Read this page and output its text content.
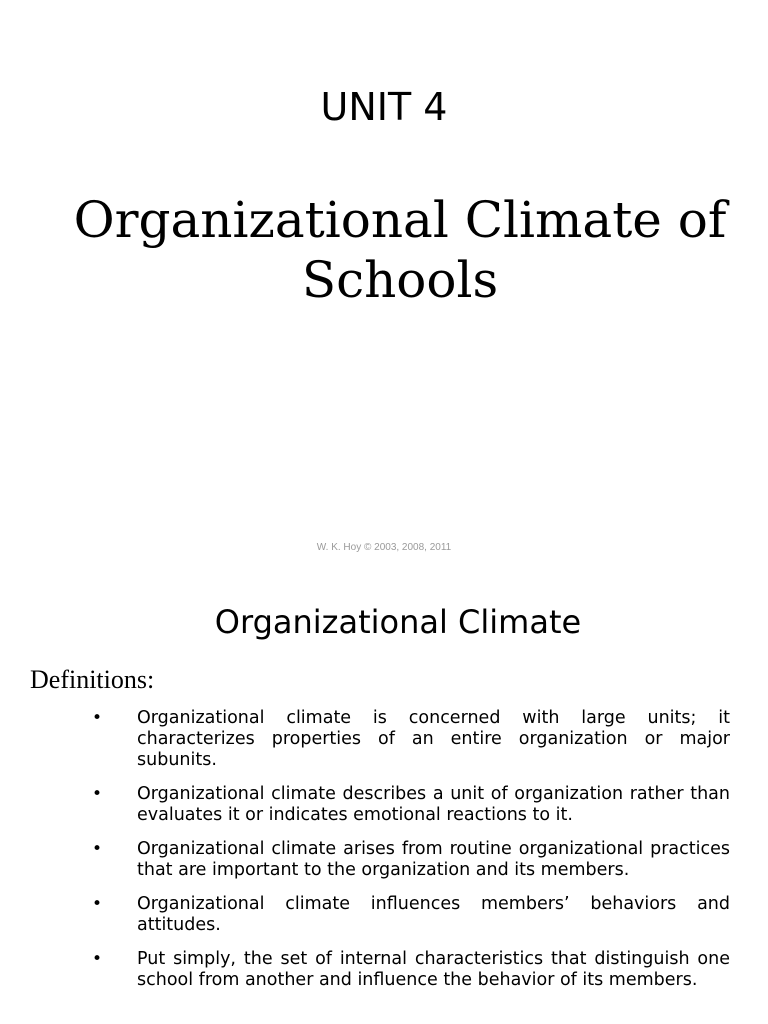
UNIT 4
Organizational Climate of Schools
W. K. Hoy © 2003, 2008, 2011
Organizational Climate
Definitions:
• Organizational climate is concerned with large units; it characterizes properties of an entire organization or major subunits.
• Organizational climate describes a unit of organization rather than evaluates it or indicates emotional reactions to it.
• Organizational climate arises from routine organizational practices that are important to the organization and its members.
• Organizational climate influences members’ behaviors and attitudes.
• Put simply, the set of internal characteristics that distinguish one school from another and influence the behavior of its members.
